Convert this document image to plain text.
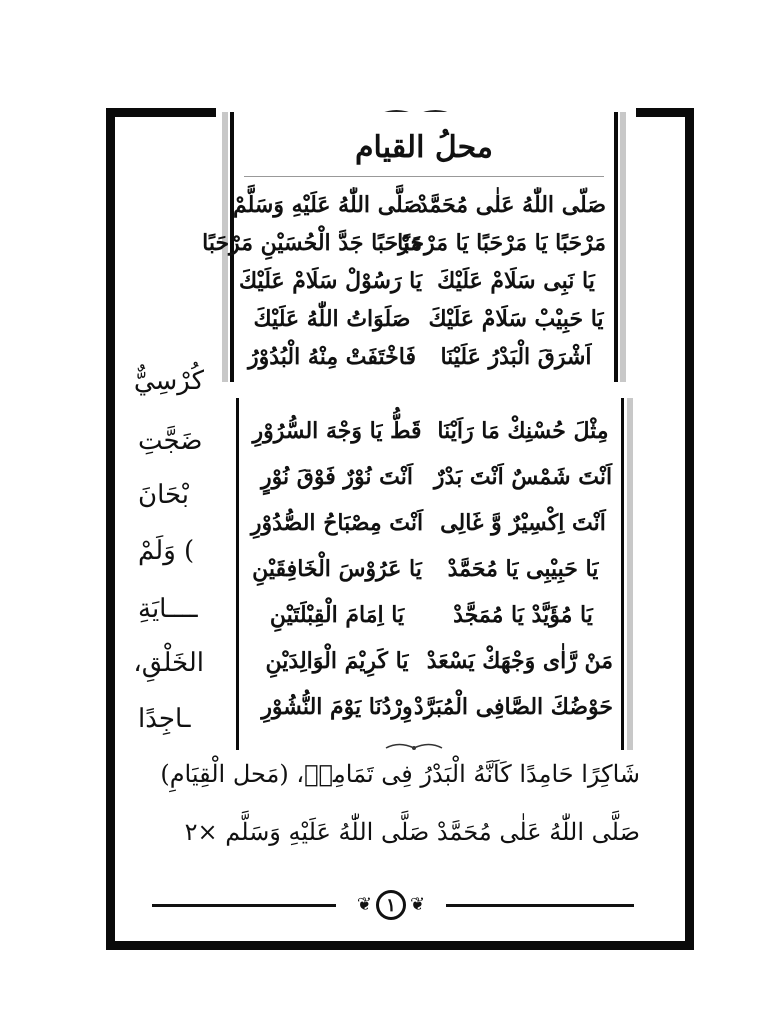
محلُ القيام
صَلّى اللّٰهُ عَلٰى مُحَمَّدْ
صَلَّى اللّٰهُ عَلَيْهِ وَسَلَّمْ
مَرْحَبًا يَا مَرْحَبًا يَا مَرْحَبًا
مَرْحَبًا جَدَّ الْحُسَيْنِ مَرْحَبًا
يَا نَبِى سَلَامْ عَلَيْكَ
يَا رَسُوْلْ سَلَامْ عَلَيْكَ
يَا حَبِيْبْ سَلَامْ عَلَيْكَ
صَلَوَاتُ اللّٰهُ عَلَيْكَ
اَشْرَقَ الْبَدْرُ عَلَيْنَا
فَاخْتَفَتْ مِنْهُ الْبُدُوْرُ
كُرْسِيٌّ
ضَجَّتِ
بْحَانَ
) وَلَمْ
ــــايَةِ
الخَلْقِ،
ـاجِدًا
مِثْلَ حُسْنِكْ مَا رَاَيْنَا
قَطُّ يَا وَجْهَ السُّرُوْرِ
اَنْتَ شَمْسٌ اَنْتَ بَدْرٌ
اَنْتَ نُوْرٌ فَوْقَ نُوْرٍ
اَنْتَ اِكْسِيْرٌ وَّ غَالِى
اَنْتَ مِصْبَاحُ الصُّدُوْرِ
يَا حَبِيْبِى يَا مُحَمَّدْ
يَا عَرُوْسَ الْخَافِقَيْنِ
يَا مُؤَيَّدْ يَا مُمَجَّدْ
يَا اِمَامَ الْقِبْلَتَيْنِ
مَنْ رَّاٰى وَجْهَكْ يَسْعَدْ
يَا كَرِيْمَ الْوَالِدَيْنِ
حَوْضُكَ الصَّافِى الْمُبَرَّدْ
وِرْدُنَا يَوْمَ النُّشُوْرِ
شَاكِرًا حَامِدًا كَاَنَّهُ الْبَدْرُ فِى تَمَامِهٖ، (مَحل الْقِيَامِ)
صَلَّى اللّٰهُ عَلٰى مُحَمَّدْ صَلَّى اللّٰهُ عَلَيْهِ وَسَلَّم ×٢
❦ ١ ❦
